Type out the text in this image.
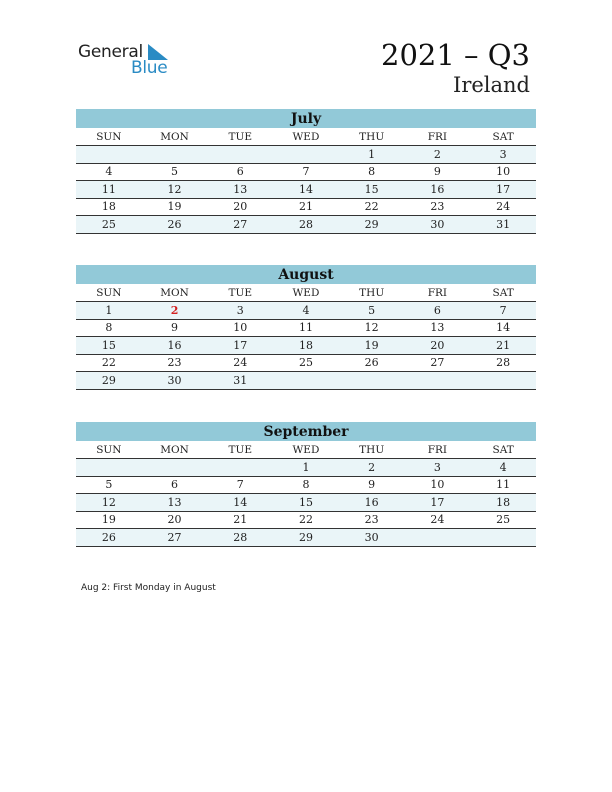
General
Blue	2021 – Q3
Ireland
July
SUN	MON	TUE	WED	THU	FRI	SAT
				1	2	3
4	5	6	7	8	9	10
11	12	13	14	15	16	17
18	19	20	21	22	23	24
25	26	27	28	29	30	31
August
SUN	MON	TUE	WED	THU	FRI	SAT
1	2	3	4	5	6	7
8	9	10	11	12	13	14
15	16	17	18	19	20	21
22	23	24	25	26	27	28
29	30	31				
September
SUN	MON	TUE	WED	THU	FRI	SAT
			1	2	3	4
5	6	7	8	9	10	11
12	13	14	15	16	17	18
19	20	21	22	23	24	25
26	27	28	29	30		
Aug 2: First Monday in August
